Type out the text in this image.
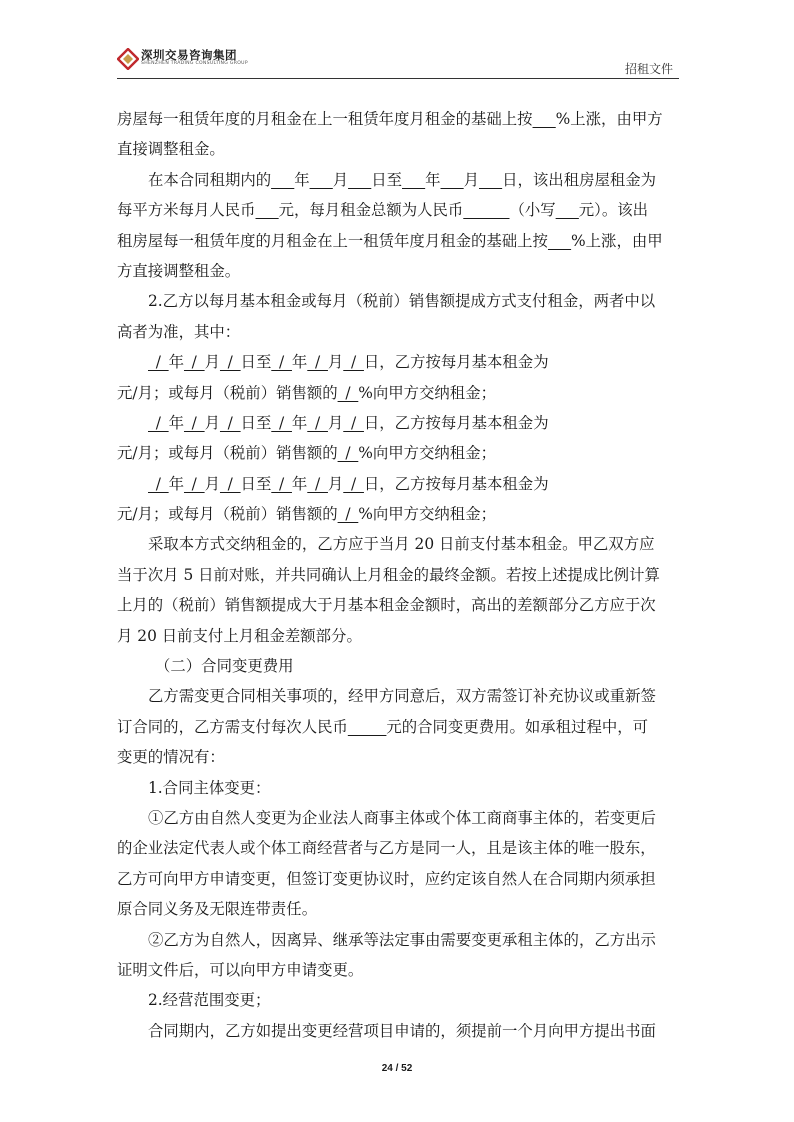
深圳交易咨询集团
SHENZHEN TRADING CONSULTING GROUP	招租文件
房屋每一租赁年度的月租金在上一租赁年度月租金的基础上按___%上涨，由甲方
直接调整租金。
在本合同租期内的___年___月___日至___年___月___日，该出租房屋租金为
每平方米每月人民币___元，每月租金总额为人民币______（小写___元）。该出
租房屋每一租赁年度的月租金在上一租赁年度月租金的基础上按___%上涨，由甲
方直接调整租金。
2.乙方以每月基本租金或每月（税前）销售额提成方式支付租金，两者中以
高者为准，其中：
_/_年_/_月_/_日至_/_年_/_月_/_日，乙方按每月基本租金为
元/月；或每月（税前）销售额的_/_%向甲方交纳租金；
_/_年_/_月_/_日至_/_年_/_月_/_日，乙方按每月基本租金为
元/月；或每月（税前）销售额的_/_%向甲方交纳租金；
_/_年_/_月_/_日至_/_年_/_月_/_日，乙方按每月基本租金为
元/月；或每月（税前）销售额的_/_%向甲方交纳租金；
采取本方式交纳租金的，乙方应于当月 20 日前支付基本租金。甲乙双方应
当于次月 5 日前对账，并共同确认上月租金的最终金额。若按上述提成比例计算
上月的（税前）销售额提成大于月基本租金金额时，高出的差额部分乙方应于次
月 20 日前支付上月租金差额部分。
（二）合同变更费用
乙方需变更合同相关事项的，经甲方同意后，双方需签订补充协议或重新签
订合同的，乙方需支付每次人民币_____元的合同变更费用。如承租过程中，可
变更的情况有：
1.合同主体变更：
①乙方由自然人变更为企业法人商事主体或个体工商商事主体的，若变更后
的企业法定代表人或个体工商经营者与乙方是同一人，且是该主体的唯一股东，
乙方可向甲方申请变更，但签订变更协议时，应约定该自然人在合同期内须承担
原合同义务及无限连带责任。
②乙方为自然人，因离异、继承等法定事由需要变更承租主体的，乙方出示
证明文件后，可以向甲方申请变更。
2.经营范围变更；
合同期内，乙方如提出变更经营项目申请的，须提前一个月向甲方提出书面
24 / 52
